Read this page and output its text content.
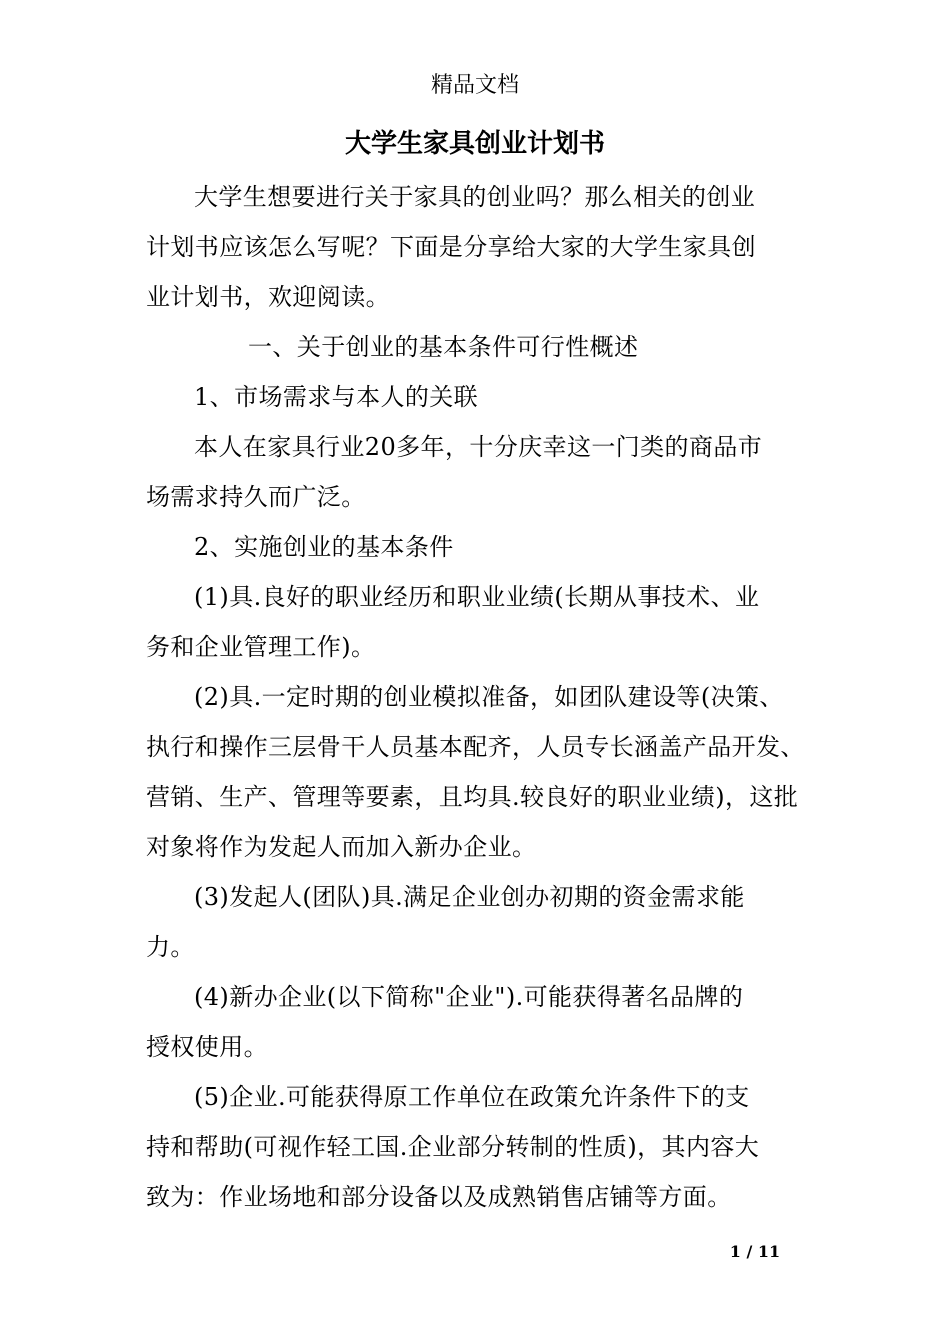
精品文档
大学生家具创业计划书
大学生想要进行关于家具的创业吗？那么相关的创业
计划书应该怎么写呢？下面是分享给大家的大学生家具创
业计划书，欢迎阅读。
一、关于创业的基本条件可行性概述
1、市场需求与本人的关联
本人在家具行业20多年，十分庆幸这一门类的商品市
场需求持久而广泛。
2、实施创业的基本条件
(1)具.良好的职业经历和职业业绩(长期从事技术、业
务和企业管理工作)。
(2)具.一定时期的创业模拟准备，如团队建设等(决策、
执行和操作三层骨干人员基本配齐，人员专长涵盖产品开发、
营销、生产、管理等要素，且均具.较良好的职业业绩)，这批
对象将作为发起人而加入新办企业。
(3)发起人(团队)具.满足企业创办初期的资金需求能
力。
(4)新办企业(以下简称"企业").可能获得著名品牌的
授权使用。
(5)企业.可能获得原工作单位在政策允许条件下的支
持和帮助(可视作轻工国.企业部分转制的性质)，其内容大
致为：作业场地和部分设备以及成熟销售店铺等方面。
1 / 11
